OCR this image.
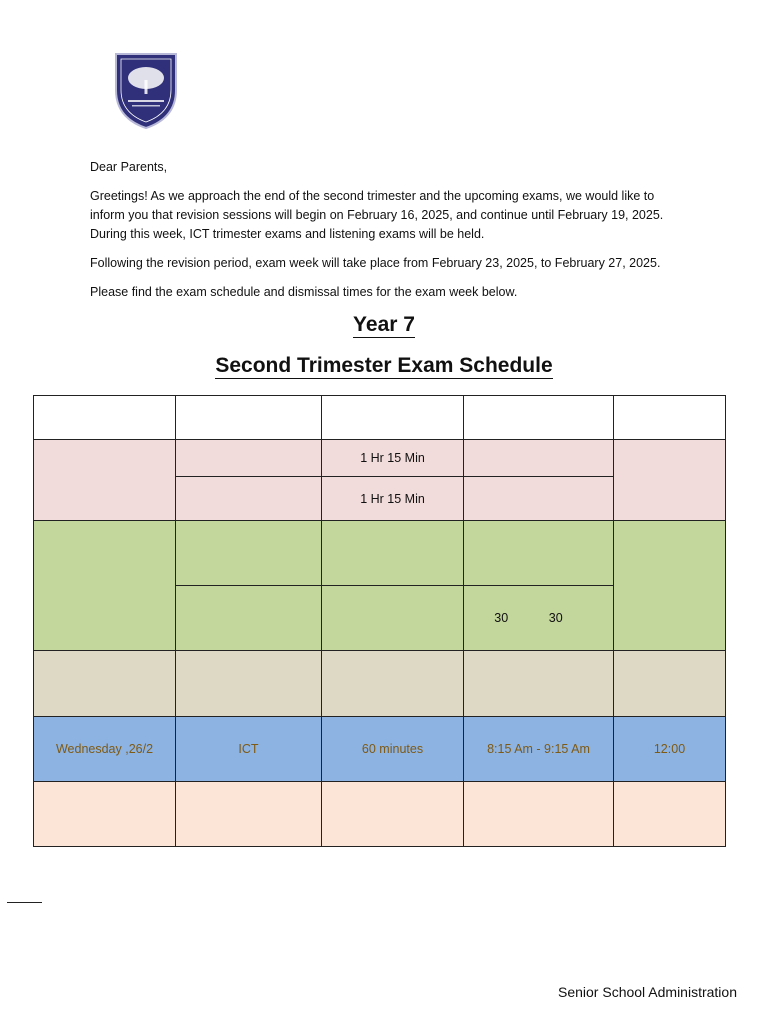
Dear Parents,

Greetings! As we approach the end of the second trimester and the upcoming exams, we would like to inform you that revision sessions will begin on February 16, 2025, and continue until February 19, 2025. During this week, ICT trimester exams and listening exams will be held.

Following the revision period, exam week will take place from February 23, 2025, to February 27, 2025.

Please find the exam schedule and dismissal times for the exam week below.

Year 7
Second Trimester Exam Schedule

		1 Hr 15 Min		
		1 Hr 15 Min		

			30 30	

Wednesday ,26/2	ICT	60 minutes	8:15 Am - 9:15 Am	12:00

Senior School Administration
